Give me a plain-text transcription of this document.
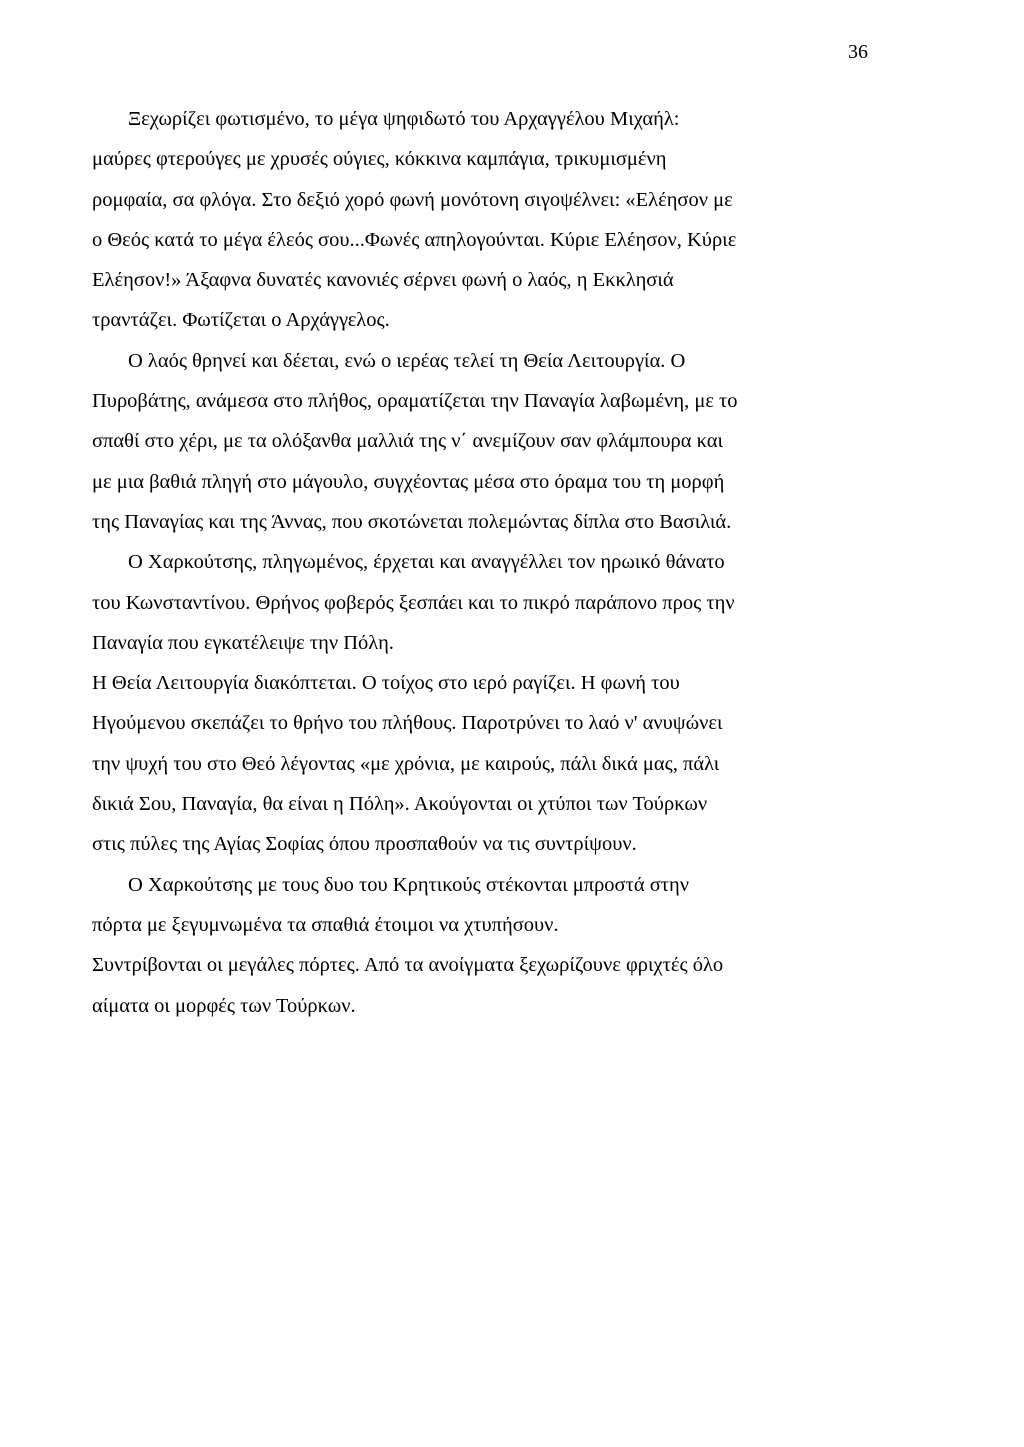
36
Ξεχωρίζει φωτισμένο, το μέγα ψηφιδωτό του Αρχαγγέλου Μιχαήλ:
μαύρες φτερούγες με χρυσές ούγιες, κόκκινα καμπάγια, τρικυμισμένη
ρομφαία, σα φλόγα. Στο δεξιό χορό φωνή μονότονη σιγοψέλνει: «Ελέησον με
ο Θεός κατά το μέγα έλεός σου...Φωνές απηλογούνται. Κύριε Ελέησον, Κύριε
Ελέησον!» Άξαφνα δυνατές κανονιές σέρνει φωνή ο λαός, η Εκκλησιά
τραντάζει. Φωτίζεται ο Αρχάγγελος.
Ο λαός θρηνεί και δέεται, ενώ ο ιερέας τελεί τη Θεία Λειτουργία. Ο
Πυροβάτης, ανάμεσα στο πλήθος, οραματίζεται την Παναγία λαβωμένη, με το
σπαθί στο χέρι, με τα ολόξανθα μαλλιά της ν΄ ανεμίζουν σαν φλάμπουρα και
με μια βαθιά πληγή στο μάγουλο, συγχέοντας μέσα στο όραμα του τη μορφή
της Παναγίας και της Άννας, που σκοτώνεται πολεμώντας δίπλα στο Βασιλιά.
Ο Χαρκούτσης, πληγωμένος, έρχεται και αναγγέλλει τον ηρωικό θάνατο
του Κωνσταντίνου. Θρήνος φοβερός ξεσπάει και το πικρό παράπονο προς την
Παναγία που εγκατέλειψε την Πόλη.
Η Θεία Λειτουργία διακόπτεται. Ο τοίχος στο ιερό ραγίζει. Η φωνή του
Ηγούμενου σκεπάζει το θρήνο του πλήθους. Παροτρύνει το λαό ν' ανυψώνει
την ψυχή του στο Θεό λέγοντας «με χρόνια, με καιρούς, πάλι δικά μας, πάλι
δικιά Σου, Παναγία, θα είναι η Πόλη». Ακούγονται οι χτύποι των Τούρκων
στις πύλες της Αγίας Σοφίας όπου προσπαθούν να τις συντρίψουν.
Ο Χαρκούτσης με τους δυο του Κρητικούς στέκονται μπροστά στην
πόρτα με ξεγυμνωμένα τα σπαθιά έτοιμοι να χτυπήσουν.
Συντρίβονται οι μεγάλες πόρτες. Από τα ανοίγματα ξεχωρίζουνε φριχτές όλο
αίματα οι μορφές των Τούρκων.
